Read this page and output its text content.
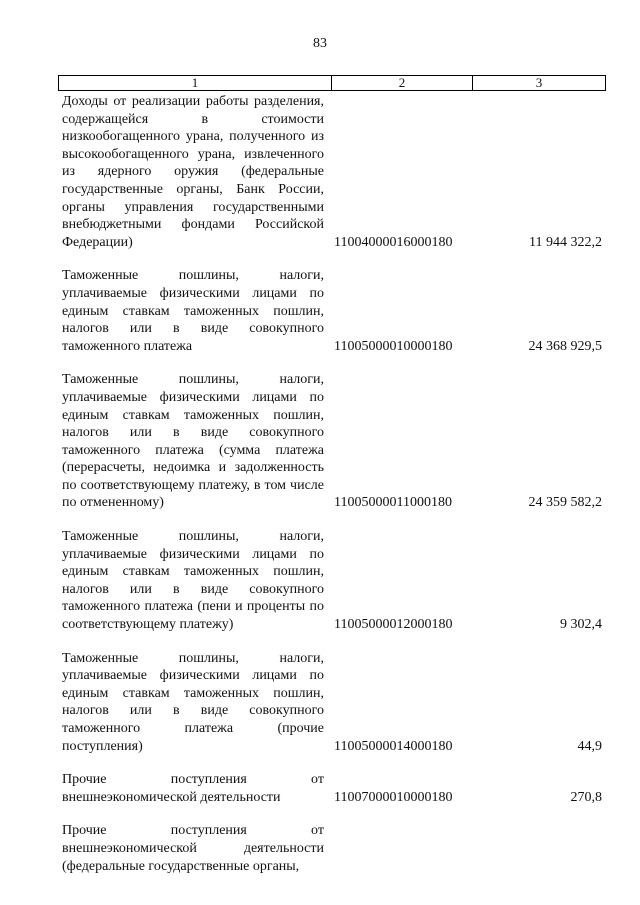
83
1	2	3
Доходы от реализации работы разделения, содержащейся в стоимости низкообогащенного урана, полученного из высокообогащенного урана, извлеченного из ядерного оружия (федеральные государственные органы, Банк России, органы управления государственными внебюджетными фондами Российской Федерации)	11004000016000180	11 944 322,2
Таможенные пошлины, налоги, уплачиваемые физическими лицами по единым ставкам таможенных пошлин, налогов или в виде совокупного таможенного платежа	11005000010000180	24 368 929,5
Таможенные пошлины, налоги, уплачиваемые физическими лицами по единым ставкам таможенных пошлин, налогов или в виде совокупного таможенного платежа (сумма платежа (перерасчеты, недоимка и задолженность по соответствующему платежу, в том числе по отмененному)	11005000011000180	24 359 582,2
Таможенные пошлины, налоги, уплачиваемые физическими лицами по единым ставкам таможенных пошлин, налогов или в виде совокупного таможенного платежа (пени и проценты по соответствующему платежу)	11005000012000180	9 302,4
Таможенные пошлины, налоги, уплачиваемые физическими лицами по единым ставкам таможенных пошлин, налогов или в виде совокупного таможенного платежа (прочие поступления)	11005000014000180	44,9
Прочие поступления от внешнеэкономической деятельности	11007000010000180	270,8
Прочие поступления от внешнеэкономической деятельности (федеральные государственные органы,
